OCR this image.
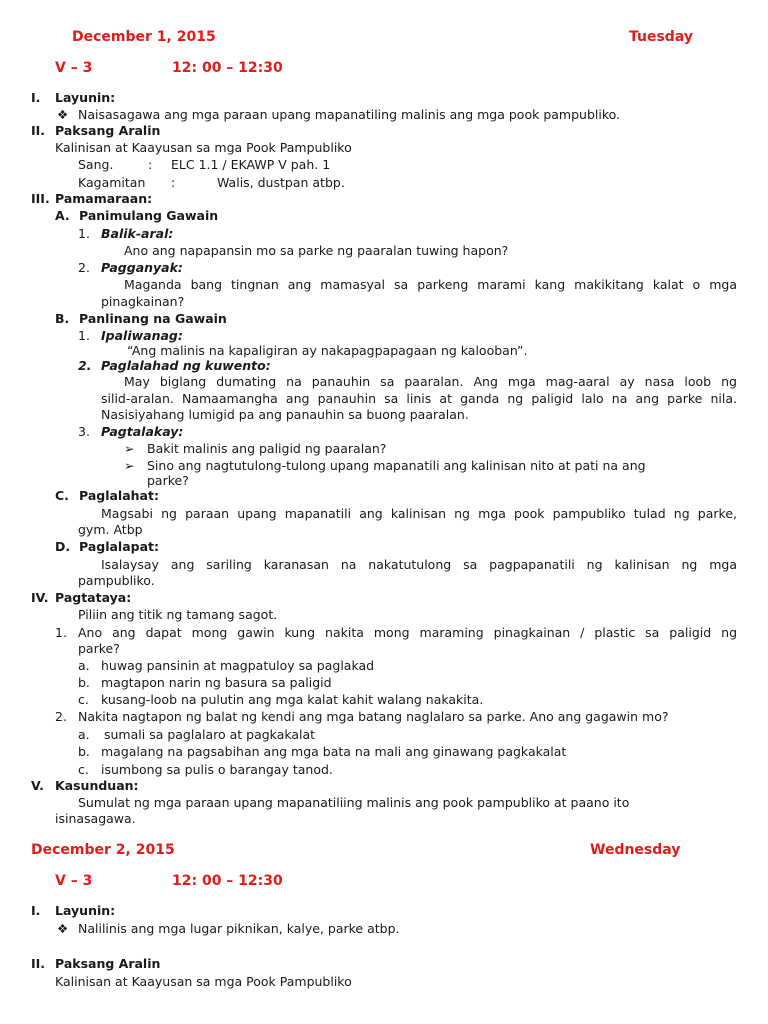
December 1, 2015	Tuesday
V – 3	12: 00 – 12:30
I. Layunin:
❖ Naisasagawa ang mga paraan upang mapanatiling malinis ang mga pook pampubliko.
II. Paksang Aralin
Kalinisan at Kaayusan sa mga Pook Pampubliko
Sang.	: ELC 1.1 / EKAWP V pah. 1
Kagamitan :	Walis, dustpan atbp.
III. Pamamaraan:
A. Panimulang Gawain
1. Balik-aral:
Ano ang napapansin mo sa parke ng paaralan tuwing hapon?
2. Pagganyak:
Maganda bang tingnan ang mamasyal sa parkeng marami kang makikitang kalat o mga
pinagkainan?
B. Panlinang na Gawain
1. Ipaliwanag:
“Ang malinis na kapaligiran ay nakapagpapagaan ng kalooban”.
2. Paglalahad ng kuwento:
May biglang dumating na panauhin sa paaralan. Ang mga mag-aaral ay nasa loob ng
silid-aralan. Namaamangha ang panauhin sa linis at ganda ng paligid lalo na ang parke nila.
Nasisiyahang lumigid pa ang panauhin sa buong paaralan.
3. Pagtalakay:
➢ Bakit malinis ang paligid ng paaralan?
➢ Sino ang nagtutulong-tulong upang mapanatili ang kalinisan nito at pati na ang
parke?
C. Paglalahat:
Magsabi ng paraan upang mapanatili ang kalinisan ng mga pook pampubliko tulad ng parke,
gym. Atbp
D. Paglalapat:
Isalaysay ang sariling karanasan na nakatutulong sa pagpapanatili ng kalinisan ng mga
pampubliko.
IV. Pagtataya:
Piliin ang titik ng tamang sagot.
1. Ano ang dapat mong gawin kung nakita mong maraming pinagkainan / plastic sa paligid ng
parke?
a. huwag pansinin at magpatuloy sa paglakad
b. magtapon narin ng basura sa paligid
c. kusang-loob na pulutin ang mga kalat kahit walang nakakita.
2. Nakita nagtapon ng balat ng kendi ang mga batang naglalaro sa parke. Ano ang gagawin mo?
a. sumali sa paglalaro at pagkakalat
b. magalang na pagsabihan ang mga bata na mali ang ginawang pagkakalat
c. isumbong sa pulis o barangay tanod.
V. Kasunduan:
Sumulat ng mga paraan upang mapanatiliing malinis ang pook pampubliko at paano ito
isinasagawa.
December 2, 2015	Wednesday
V – 3	12: 00 – 12:30
I. Layunin:
❖ Nalilinis ang mga lugar piknikan, kalye, parke atbp.
II. Paksang Aralin
Kalinisan at Kaayusan sa mga Pook Pampubliko
